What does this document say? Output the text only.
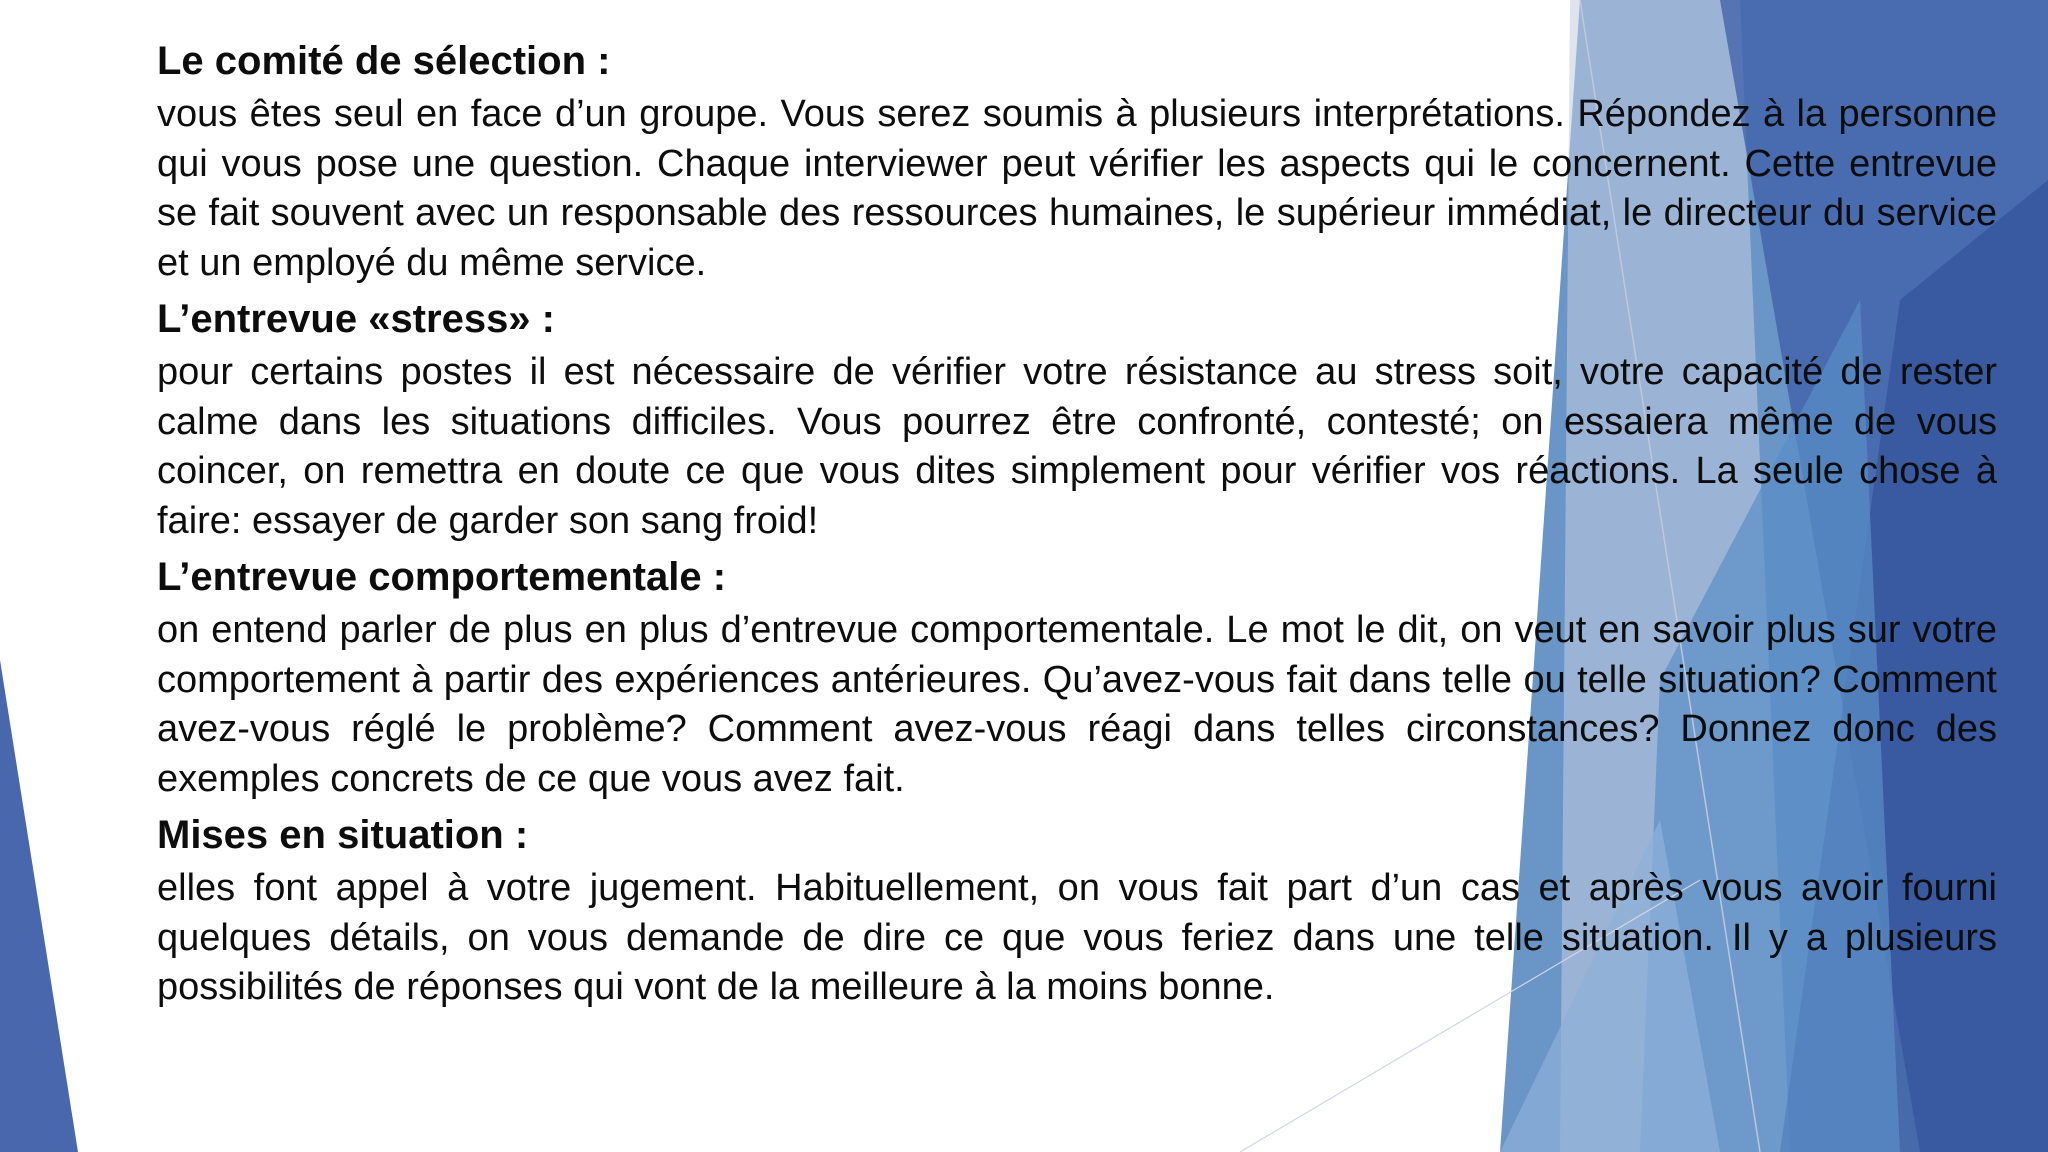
Le comité de sélection :
vous êtes seul en face d’un groupe. Vous serez soumis à plusieurs interprétations. Répondez à la personne qui vous pose une question. Chaque interviewer peut vérifier les aspects qui le concernent. Cette entrevue se fait souvent avec un responsable des ressources humaines, le supérieur immédiat, le directeur du service et un employé du même service.
L’entrevue «stress» :
pour certains postes il est nécessaire de vérifier votre résistance au stress soit, votre capacité de rester calme dans les situations difficiles. Vous pourrez être confronté, contesté; on essaiera même de vous coincer, on remettra en doute ce que vous dites simplement pour vérifier vos réactions. La seule chose à faire: essayer de garder son sang froid!
L’entrevue comportementale :
on entend parler de plus en plus d’entrevue comportementale. Le mot le dit, on veut en savoir plus sur votre comportement à partir des expériences antérieures. Qu’avez-vous fait dans telle ou telle situation? Comment avez-vous réglé le problème? Comment avez-vous réagi dans telles circonstances? Donnez donc des exemples concrets de ce que vous avez fait.
Mises en situation :
elles font appel à votre jugement. Habituellement, on vous fait part d’un cas et après vous avoir fourni quelques détails, on vous demande de dire ce que vous feriez dans une telle situation. Il y a plusieurs possibilités de réponses qui vont de la meilleure à la moins bonne.
